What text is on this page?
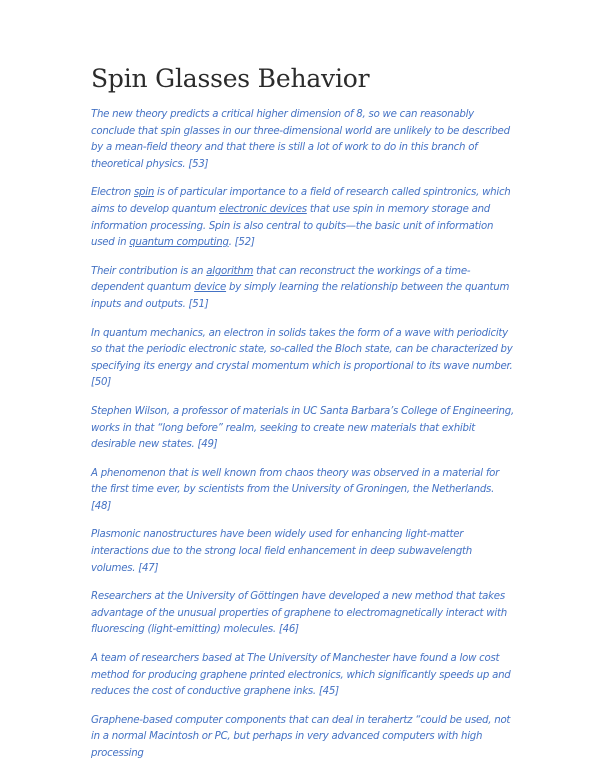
Spin Glasses Behavior

The new theory predicts a critical higher dimension of 8, so we can reasonably conclude that spin glasses in our three-dimensional world are unlikely to be described by a mean-field theory and that there is still a lot of work to do in this branch of theoretical physics. [53]

Electron spin is of particular importance to a field of research called spintronics, which aims to develop quantum electronic devices that use spin in memory storage and information processing. Spin is also central to qubits—the basic unit of information used in quantum computing. [52]

Their contribution is an algorithm that can reconstruct the workings of a time-dependent quantum device by simply learning the relationship between the quantum inputs and outputs. [51]

In quantum mechanics, an electron in solids takes the form of a wave with periodicity so that the periodic electronic state, so-called the Bloch state, can be characterized by specifying its energy and crystal momentum which is proportional to its wave number. [50]

Stephen Wilson, a professor of materials in UC Santa Barbara’s College of Engineering, works in that “long before” realm, seeking to create new materials that exhibit desirable new states. [49]

A phenomenon that is well known from chaos theory was observed in a material for the first time ever, by scientists from the University of Groningen, the Netherlands. [48]

Plasmonic nanostructures have been widely used for enhancing light-matter interactions due to the strong local field enhancement in deep subwavelength volumes. [47]

Researchers at the University of Göttingen have developed a new method that takes advantage of the unusual properties of graphene to electromagnetically interact with fluorescing (light-emitting) molecules. [46]

A team of researchers based at The University of Manchester have found a low cost method for producing graphene printed electronics, which significantly speeds up and reduces the cost of conductive graphene inks. [45]

Graphene-based computer components that can deal in terahertz “could be used, not in a normal Macintosh or PC, but perhaps in very advanced computers with high processing
